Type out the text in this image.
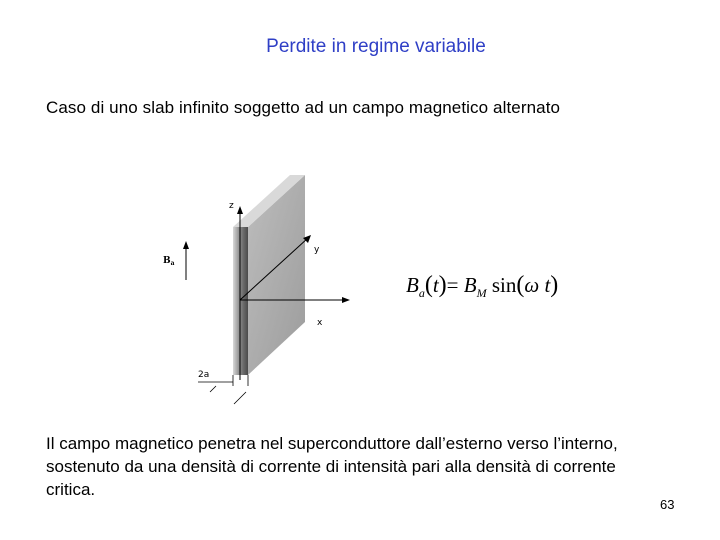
Perdite in regime variabile
Caso di uno slab infinito soggetto ad un campo magnetico alternato
z
y
x
$B_a$
2a
$B_a(t)= B_M$ sin(ω t)
Il campo magnetico penetra nel superconduttore dall’esterno verso l’interno, sostenuto da una densità di corrente di intensità pari alla densità di corrente critica.
63
